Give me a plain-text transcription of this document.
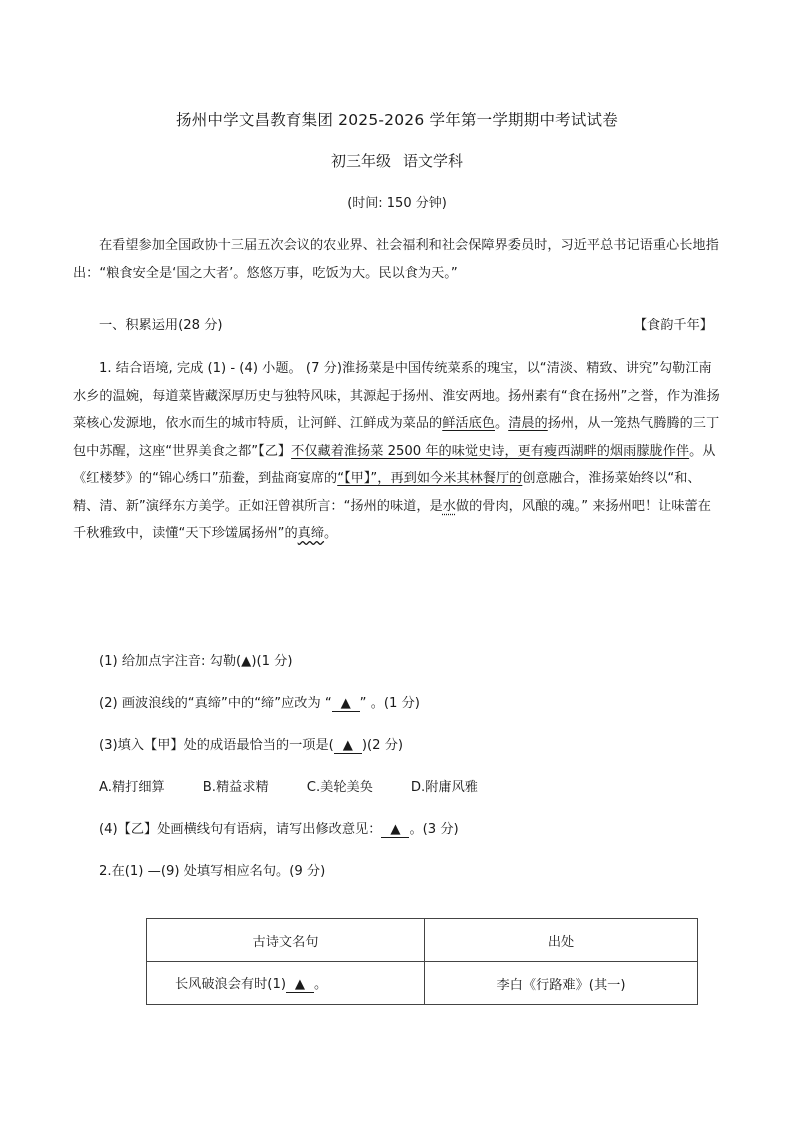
扬州中学文昌教育集团 2025-2026 学年第一学期期中考试试卷
初三年级 语文学科
(时间: 150 分钟)
在看望参加全国政协十三届五次会议的农业界、社会福利和社会保障界委员时，习近平总书记语重心长地指出：“粮食安全是‘国之大者’。悠悠万事，吃饭为大。民以食为天。”
一、积累运用(28 分)	【食韵千年】
1. 结合语境, 完成 (1) - (4) 小题。 (7 分)淮扬菜是中国传统菜系的瑰宝，以“清淡、精致、讲究”勾勒江南水乡的温婉，每道菜皆藏深厚历史与独特风味，其源起于扬州、淮安两地。扬州素有“食在扬州”之誉，作为淮扬菜核心发源地，依水而生的城市特质，让河鲜、江鲜成为菜品的鲜活底色。清晨的扬州，从一笼热气腾腾的三丁包中苏醒，这座“世界美食之都”【乙】不仅藏着淮扬菜 2500 年的味觉史诗，更有瘦西湖畔的烟雨朦胧作伴。从《红楼梦》的“锦心绣口”茄鲞，到盐商宴席的“【甲】”，再到如今米其林餐厅的创意融合，淮扬菜始终以“和、精、清、新”演绎东方美学。正如汪曾祺所言：“扬州的味道，是水做的骨肉，风酿的魂。” 来扬州吧！让味蕾在千秋雅致中，读懂“天下珍馐属扬州”的真缔。
(1) 给加点字注音: 勾勒(▲)(1 分)
(2) 画波浪线的“真缔”中的“缔”应改为 “ ▲ ” 。(1 分)
(3)填入【甲】处的成语最恰当的一项是( ▲ )(2 分)
A.精打细算	B.精益求精	C.美轮美奂	D.附庸风雅
(4)【乙】处画横线句有语病，请写出修改意见： ▲ 。(3 分)
2.在(1) —(9) 处填写相应名句。(9 分)
古诗文名句	出处
长风破浪会有时(1) ▲ 。	李白《行路难》(其一)
